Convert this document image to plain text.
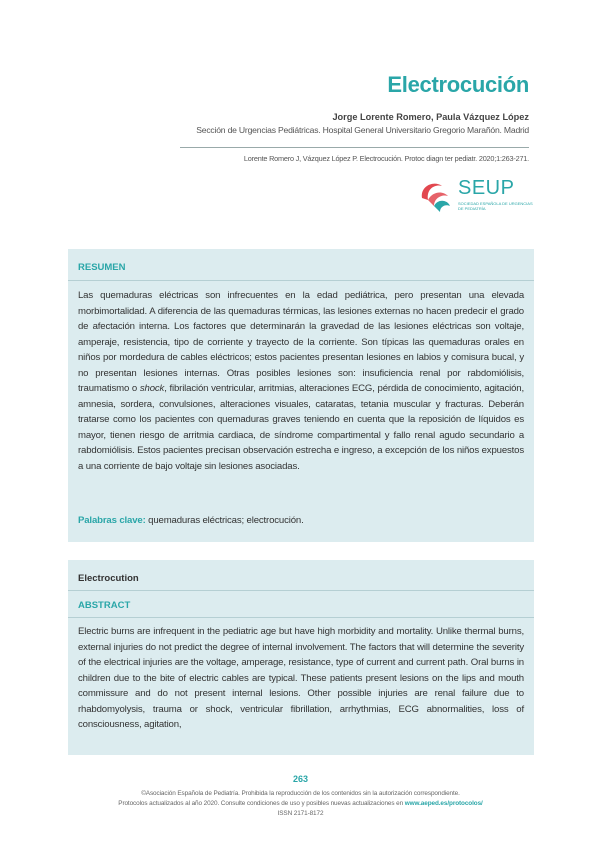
Electrocución
Jorge Lorente Romero, Paula Vázquez López
Sección de Urgencias Pediátricas. Hospital General Universitario Gregorio Marañón. Madrid
Lorente Romero J, Vázquez López P. Electrocución. Protoc diagn ter pediatr. 2020;1:263-271.
SEUP
SOCIEDAD ESPAÑOLA DE URGENCIAS DE PEDIATRÍA
RESUMEN
Las quemaduras eléctricas son infrecuentes en la edad pediátrica, pero presentan una elevada morbimortalidad. A diferencia de las quemaduras térmicas, las lesiones externas no hacen predecir el grado de afectación interna. Los factores que determinarán la gravedad de las lesiones eléctricas son voltaje, amperaje, resistencia, tipo de corriente y trayecto de la corriente. Son típicas las quemaduras orales en niños por mordedura de cables eléctricos; estos pacientes presentan lesiones en labios y comisura bucal, y no presentan lesiones internas. Otras posibles lesiones son: insuficiencia renal por rabdomiólisis, traumatismo o shock, fibrilación ventricular, arritmias, alteraciones ECG, pérdida de conocimiento, agitación, amnesia, sordera, convulsiones, alteraciones visuales, cataratas, tetania muscular y fracturas. Deberán tratarse como los pacientes con quemaduras graves teniendo en cuenta que la reposición de líquidos es mayor, tienen riesgo de arritmia cardiaca, de síndrome compartimental y fallo renal agudo secundario a rabdomiólisis. Estos pacientes precisan observación estrecha e ingreso, a excepción de los niños expuestos a una corriente de bajo voltaje sin lesiones asociadas.
Palabras clave: quemaduras eléctricas; electrocución.
Electrocution
ABSTRACT
Electric burns are infrequent in the pediatric age but have high morbidity and mortality. Unlike thermal burns, external injuries do not predict the degree of internal involvement. The factors that will determine the severity of the electrical injuries are the voltage, amperage, resistance, type of current and current path. Oral burns in children due to the bite of electric cables are typical. These patients present lesions on the lips and mouth commissure and do not present internal lesions. Other possible injuries are renal failure due to rhabdomyolysis, trauma or shock, ventricular fibrillation, arrhythmias, ECG abnormalities, loss of consciousness, agitation,
263
©Asociación Española de Pediatría. Prohibida la reproducción de los contenidos sin la autorización correspondiente.
Protocolos actualizados al año 2020. Consulte condiciones de uso y posibles nuevas actualizaciones en www.aeped.es/protocolos/
ISSN 2171-8172
